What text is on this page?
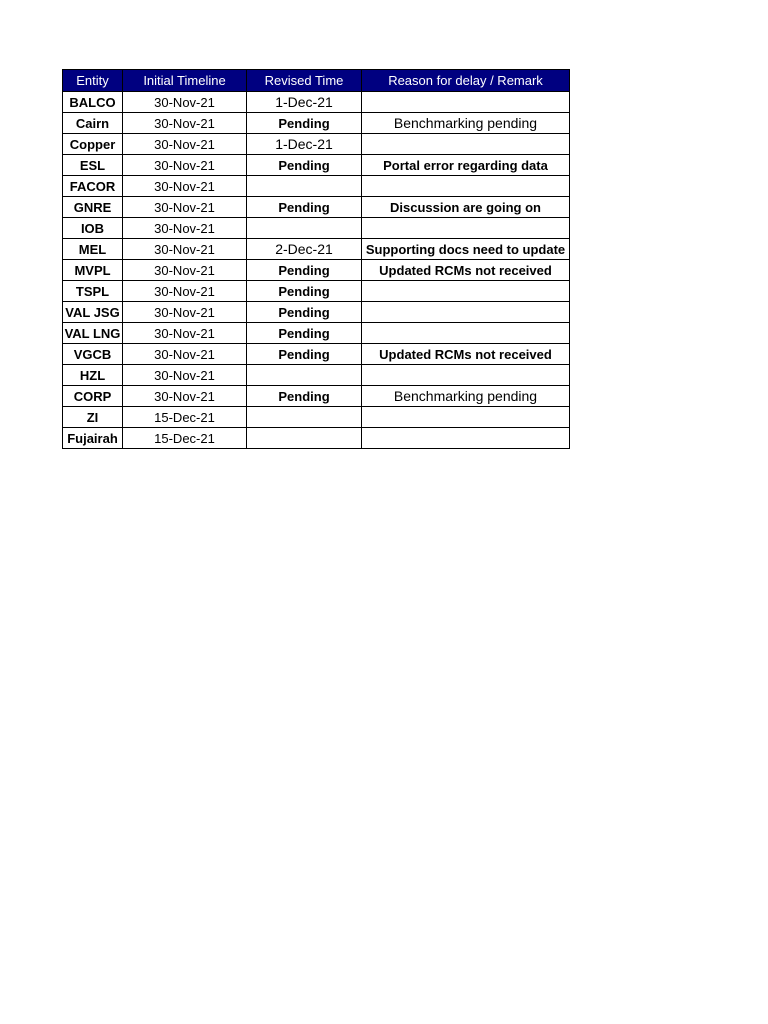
Entity	Initial Timeline	Revised Time	Reason for delay / Remark
BALCO	30-Nov-21	1-Dec-21	
Cairn	30-Nov-21	Pending	Benchmarking pending
Copper	30-Nov-21	1-Dec-21	
ESL	30-Nov-21	Pending	Portal error regarding data
FACOR	30-Nov-21		
GNRE	30-Nov-21	Pending	Discussion are going on
IOB	30-Nov-21		
MEL	30-Nov-21	2-Dec-21	Supporting docs need to update
MVPL	30-Nov-21	Pending	Updated RCMs not received
TSPL	30-Nov-21	Pending	
VAL JSG	30-Nov-21	Pending	
VAL LNG	30-Nov-21	Pending	
VGCB	30-Nov-21	Pending	Updated RCMs not received
HZL	30-Nov-21		
CORP	30-Nov-21	Pending	Benchmarking pending
ZI	15-Dec-21		
Fujairah	15-Dec-21		
